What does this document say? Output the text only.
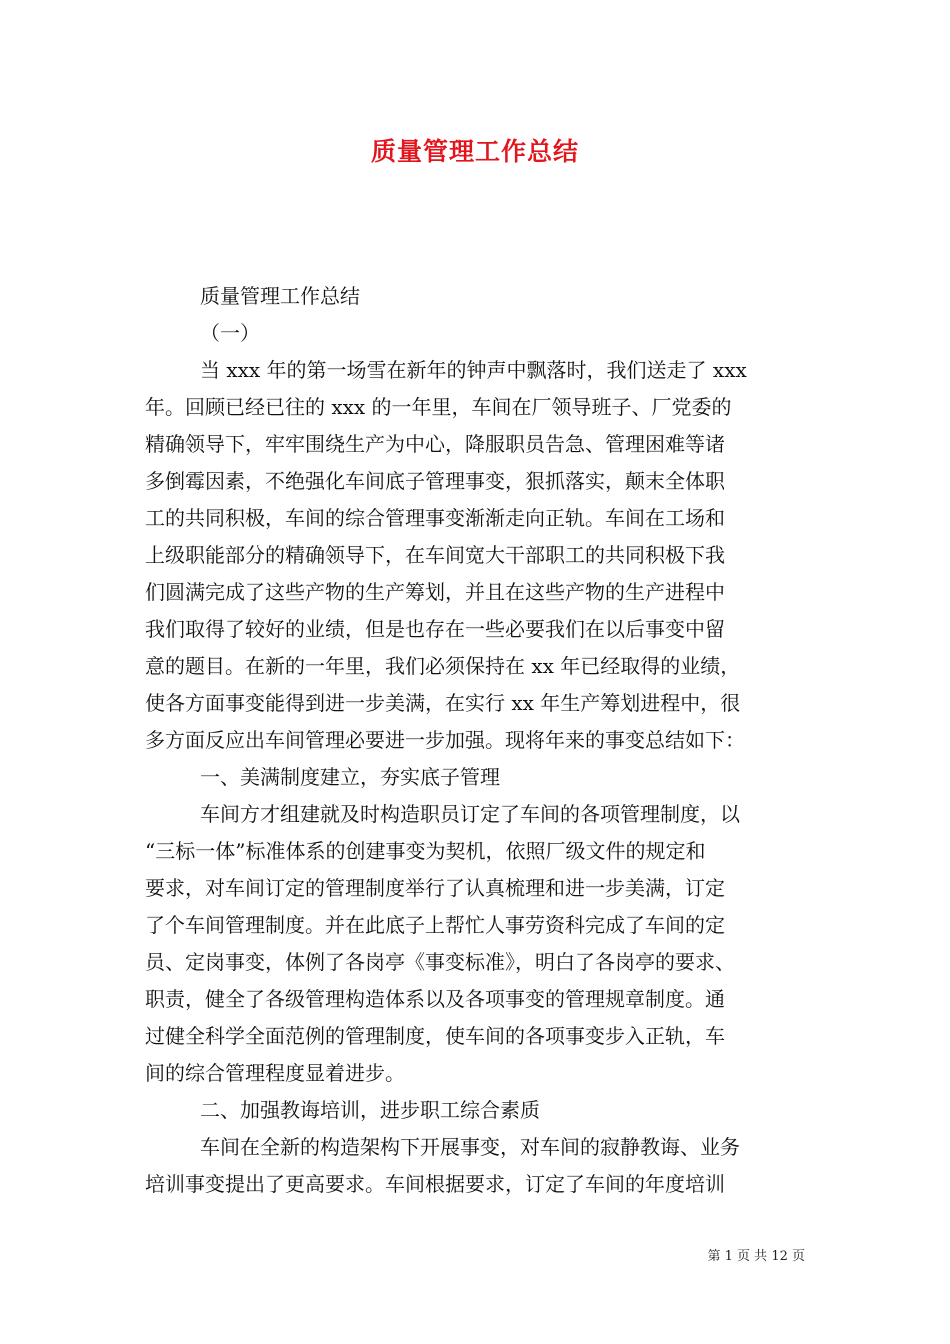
质量管理工作总结

质量管理工作总结

（一）

当 xxx 年的第一场雪在新年的钟声中飘落时，我们送走了 xxx

年。回顾已经已往的 xxx 的一年里，车间在厂领导班子、厂党委的

精确领导下，牢牢围绕生产为中心，降服职员告急、管理困难等诸

多倒霉因素，不绝强化车间底子管理事变，狠抓落实，颠末全体职

工的共同积极，车间的综合管理事变渐渐走向正轨。车间在工场和

上级职能部分的精确领导下，在车间宽大干部职工的共同积极下我

们圆满完成了这些产物的生产筹划，并且在这些产物的生产进程中

我们取得了较好的业绩，但是也存在一些必要我们在以后事变中留

意的题目。在新的一年里，我们必须保持在 xx 年已经取得的业绩，

使各方面事变能得到进一步美满，在实行 xx 年生产筹划进程中，很

多方面反应出车间管理必要进一步加强。现将年来的事变总结如下：

一、美满制度建立，夯实底子管理

车间方才组建就及时构造职员订定了车间的各项管理制度，以

“三标一体”标准体系的创建事变为契机，依照厂级文件的规定和

要求，对车间订定的管理制度举行了认真梳理和进一步美满，订定

了个车间管理制度。并在此底子上帮忙人事劳资科完成了车间的定

员、定岗事变，体例了各岗亭《事变标准》，明白了各岗亭的要求、

职责，健全了各级管理构造体系以及各项事变的管理规章制度。通

过健全科学全面范例的管理制度，使车间的各项事变步入正轨，车

间的综合管理程度显着进步。

二、加强教诲培训，进步职工综合素质

车间在全新的构造架构下开展事变，对车间的寂静教诲、业务

培训事变提出了更高要求。车间根据要求，订定了车间的年度培训

第 1 页 共 12 页
